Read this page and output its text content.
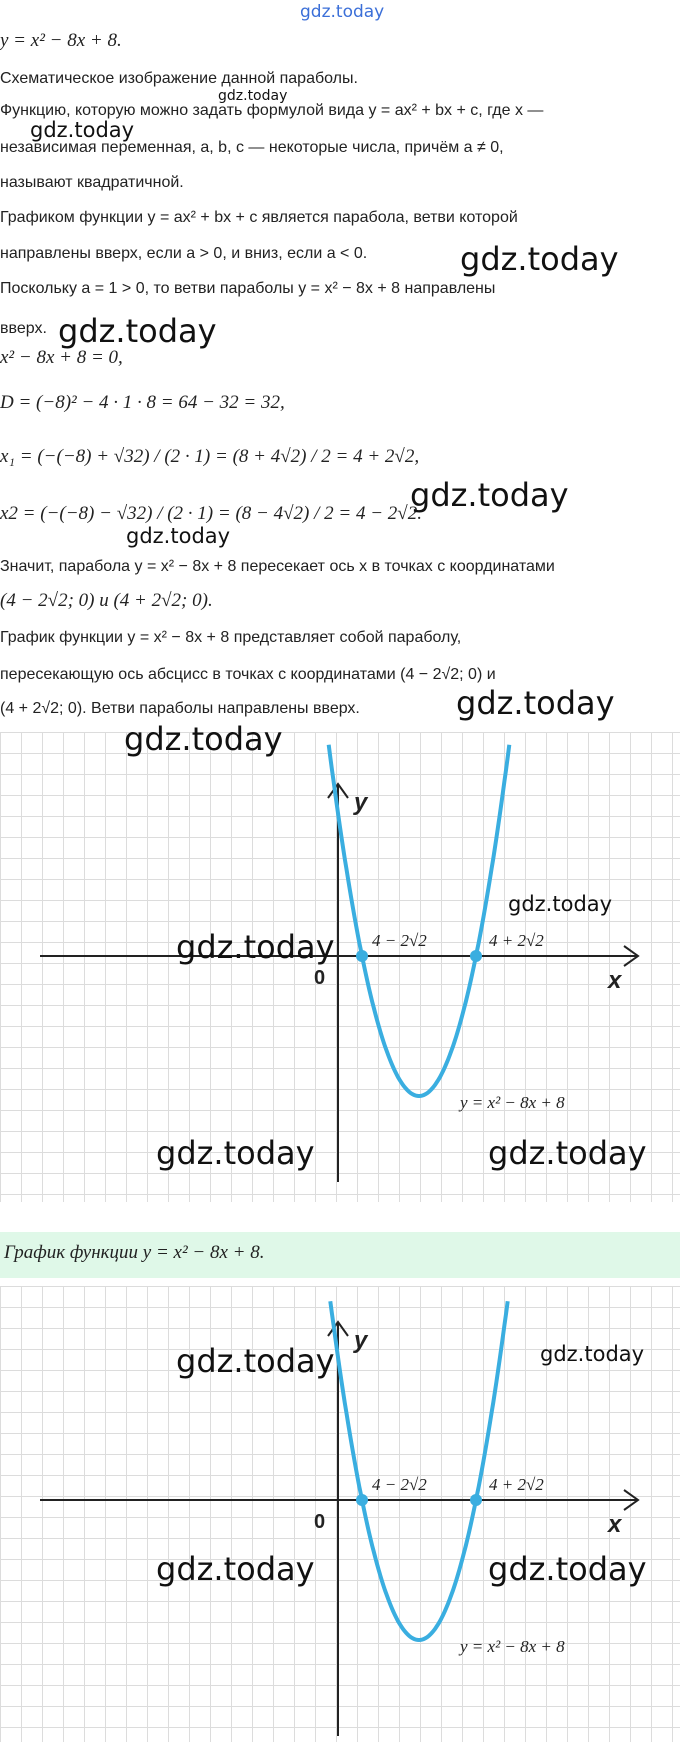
gdz.today
y = x² − 8x + 8.
Схематическое изображение данной параболы.
Функцию, которую можно задать формулой вида y = ax² + bx + c, где x —
независимая переменная, a, b, c — некоторые числа, причём a ≠ 0,
называют квадратичной.
Графиком функции y = ax² + bx + c является парабола, ветви которой
направлены вверх, если a > 0, и вниз, если a < 0.
Поскольку a = 1 > 0, то ветви параболы y = x² − 8x + 8 направлены
вверх.
x² − 8x + 8 = 0,
D = (−8)² − 4 · 1 · 8 = 64 − 32 = 32,
x₁ = (−(−8) + √32) / (2 · 1) = (8 + 4√2) / 2 = 4 + 2√2,
x2 = (−(−8) − √32) / (2 · 1) = (8 − 4√2) / 2 = 4 − 2√2.
Значит, парабола y = x² − 8x + 8 пересекает ось x в точках с координатами
(4 − 2√2; 0) и (4 + 2√2; 0).
График функции y = x² − 8x + 8 представляет собой параболу,
пересекающую ось абсцисс в точках с координатами (4 − 2√2; 0) и
(4 + 2√2; 0). Ветви параболы направлены вверх.
y
x
0
4 − 2√2	4 + 2√2
y = x² − 8x + 8
График функции y = x² − 8x + 8.
y
x
0
4 − 2√2	4 + 2√2
y = x² − 8x + 8
gdz.today
gdz.today
gdz.today
gdz.today
gdz.today
gdz.today
gdz.today
gdz.today
gdz.today
gdz.today
gdz.today	gdz.today
gdz.today	gdz.today
gdz.today	gdz.today
